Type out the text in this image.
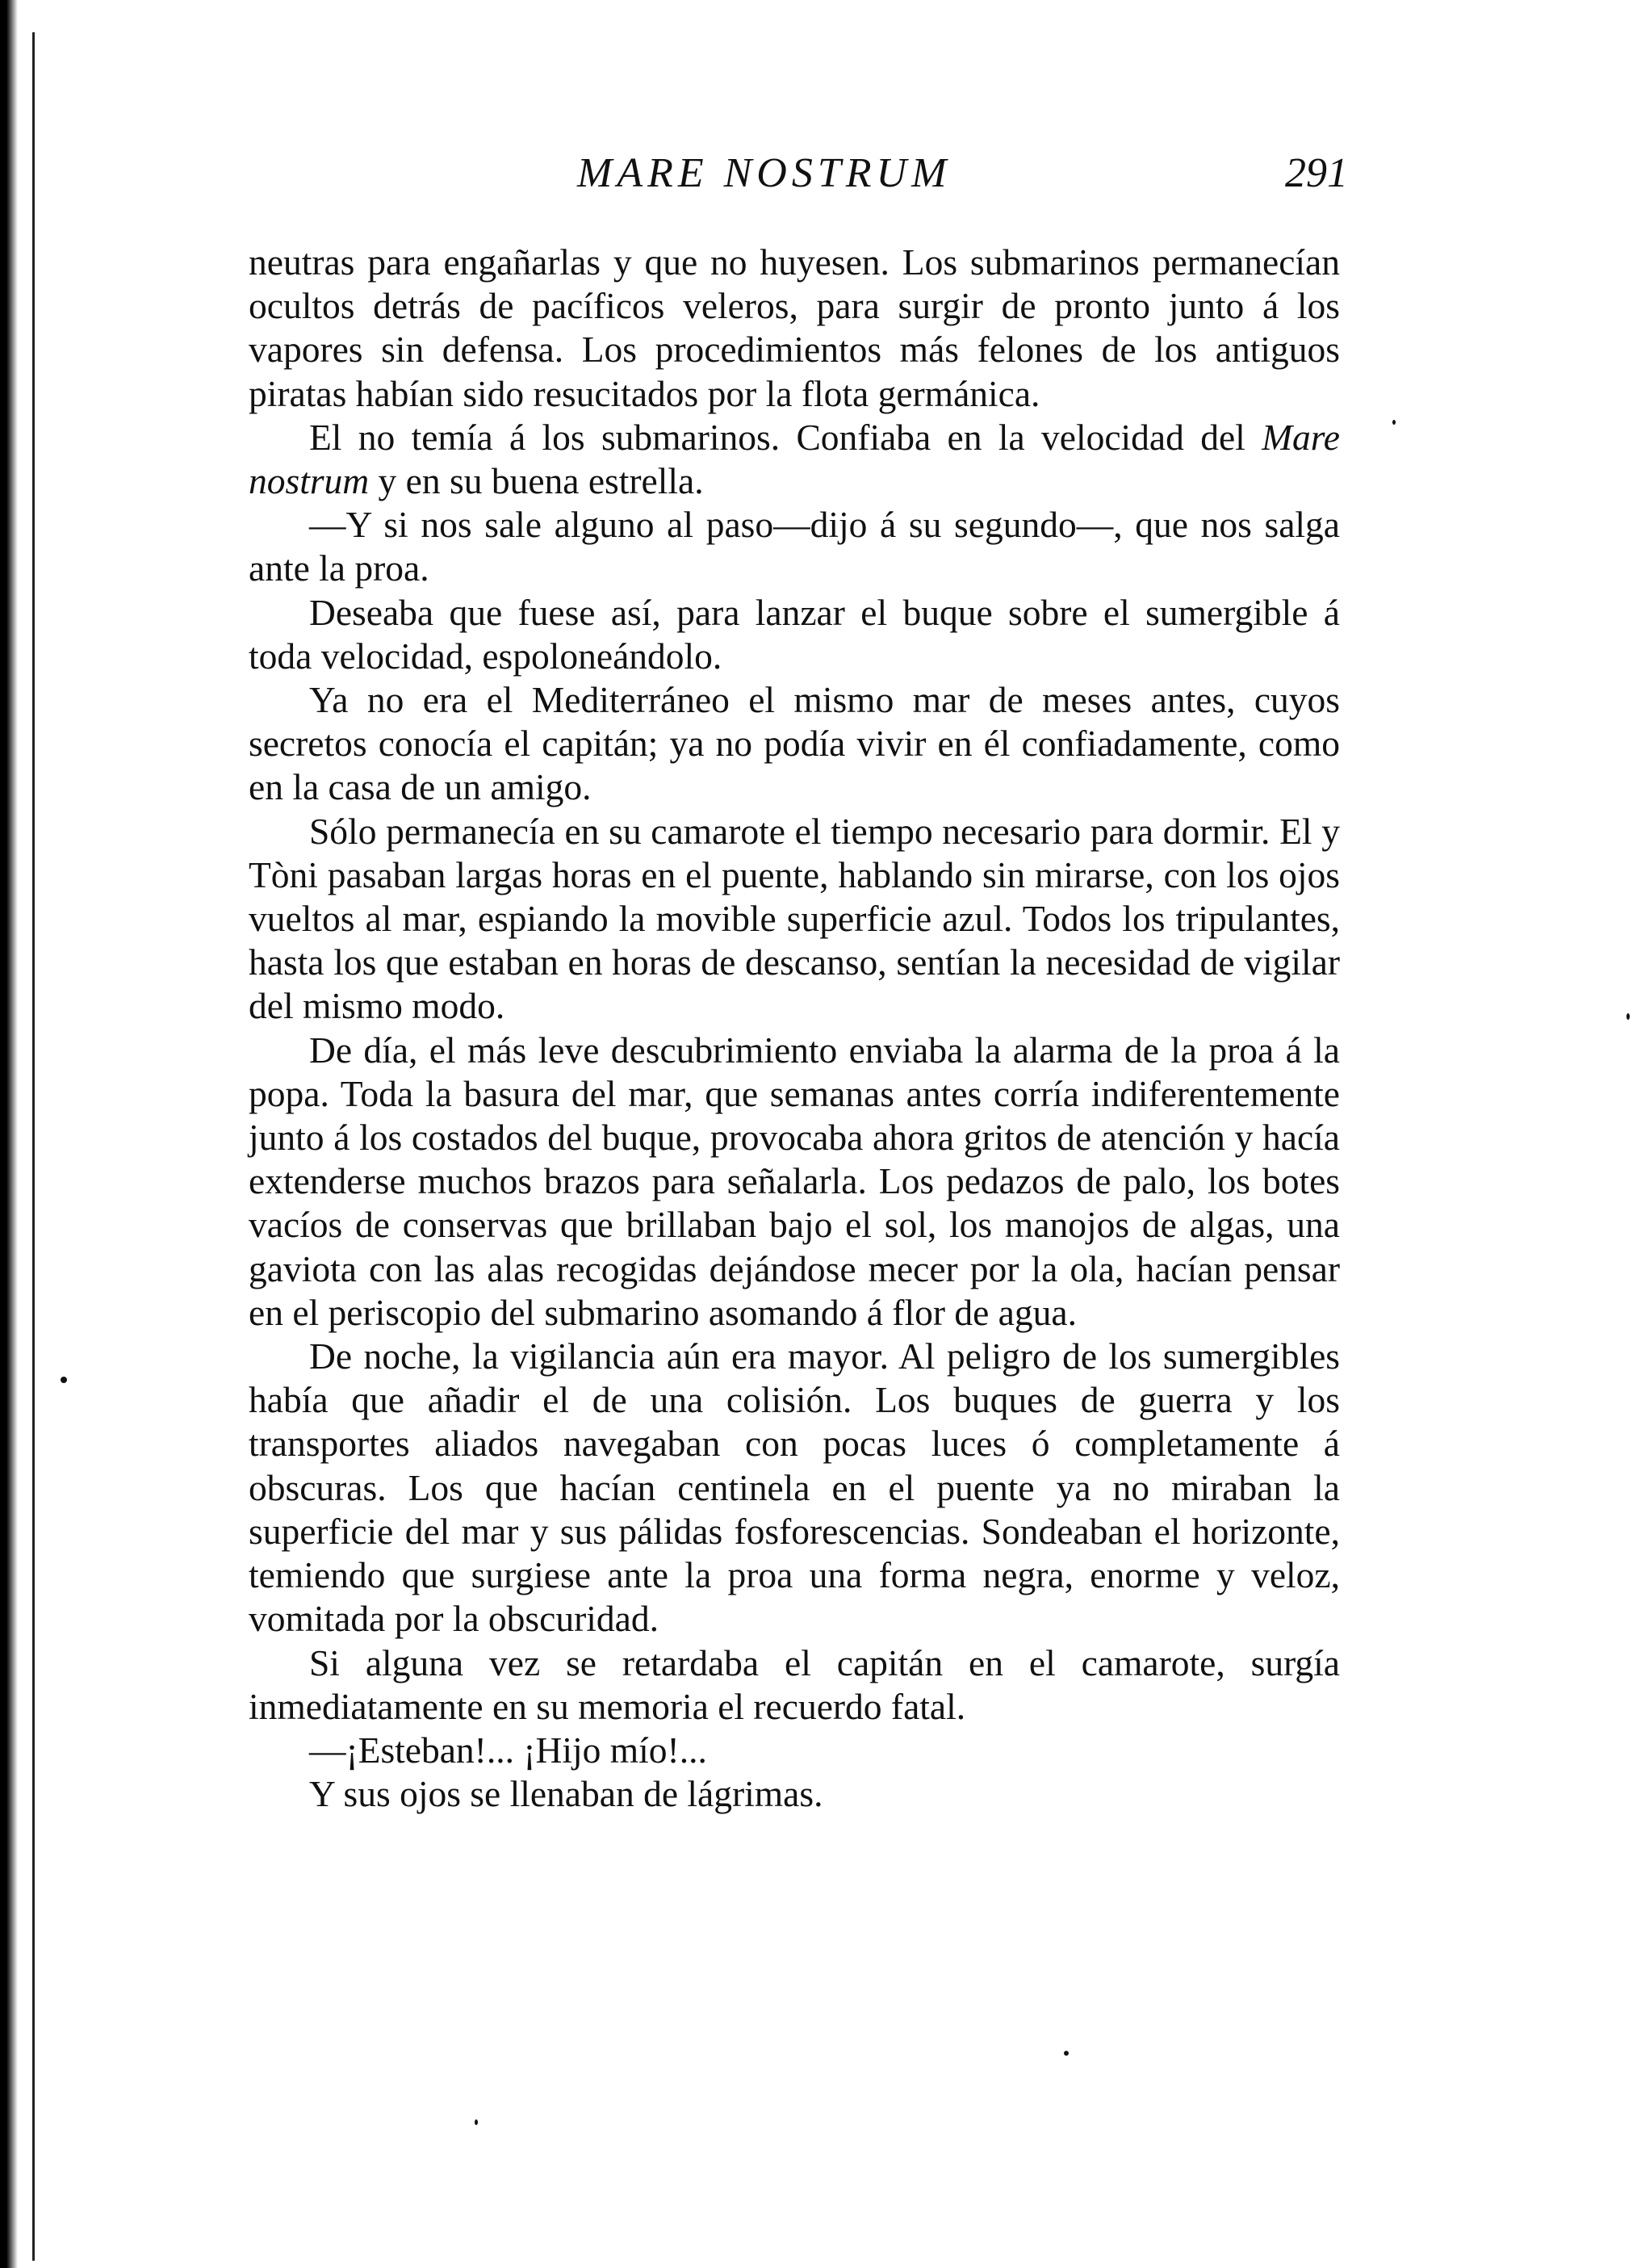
MARE NOSTRUM	291

neutras para engañarlas y que no huyesen. Los submarinos permanecían ocultos detrás de pacíficos veleros, para surgir de pronto junto á los vapores sin defensa. Los procedimientos más felones de los antiguos piratas habían sido resucitados por la flota germánica.

El no temía á los submarinos. Confiaba en la velocidad del Mare nostrum y en su buena estrella.

—Y si nos sale alguno al paso—dijo á su segundo—, que nos salga ante la proa.

Deseaba que fuese así, para lanzar el buque sobre el sumergible á toda velocidad, espoloneándolo.

Ya no era el Mediterráneo el mismo mar de meses antes, cuyos secretos conocía el capitán; ya no podía vivir en él confiadamente, como en la casa de un amigo.

Sólo permanecía en su camarote el tiempo necesario para dormir. El y Tòni pasaban largas horas en el puente, hablando sin mirarse, con los ojos vueltos al mar, espiando la movible superficie azul. Todos los tripulantes, hasta los que estaban en horas de descanso, sentían la necesidad de vigilar del mismo modo.

De día, el más leve descubrimiento enviaba la alarma de la proa á la popa. Toda la basura del mar, que semanas antes corría indiferentemente junto á los costados del buque, provocaba ahora gritos de atención y hacía extenderse muchos brazos para señalarla. Los pedazos de palo, los botes vacíos de conservas que brillaban bajo el sol, los manojos de algas, una gaviota con las alas recogidas dejándose mecer por la ola, hacían pensar en el periscopio del submarino asomando á flor de agua.

De noche, la vigilancia aún era mayor. Al peligro de los sumergibles había que añadir el de una colisión. Los buques de guerra y los transportes aliados navegaban con pocas luces ó completamente á obscuras. Los que hacían centinela en el puente ya no miraban la superficie del mar y sus pálidas fosforescencias. Sondeaban el horizonte, temiendo que surgiese ante la proa una forma negra, enorme y veloz, vomitada por la obscuridad.

Si alguna vez se retardaba el capitán en el camarote, surgía inmediatamente en su memoria el recuerdo fatal.

—¡Esteban!... ¡Hijo mío!...

Y sus ojos se llenaban de lágrimas.
